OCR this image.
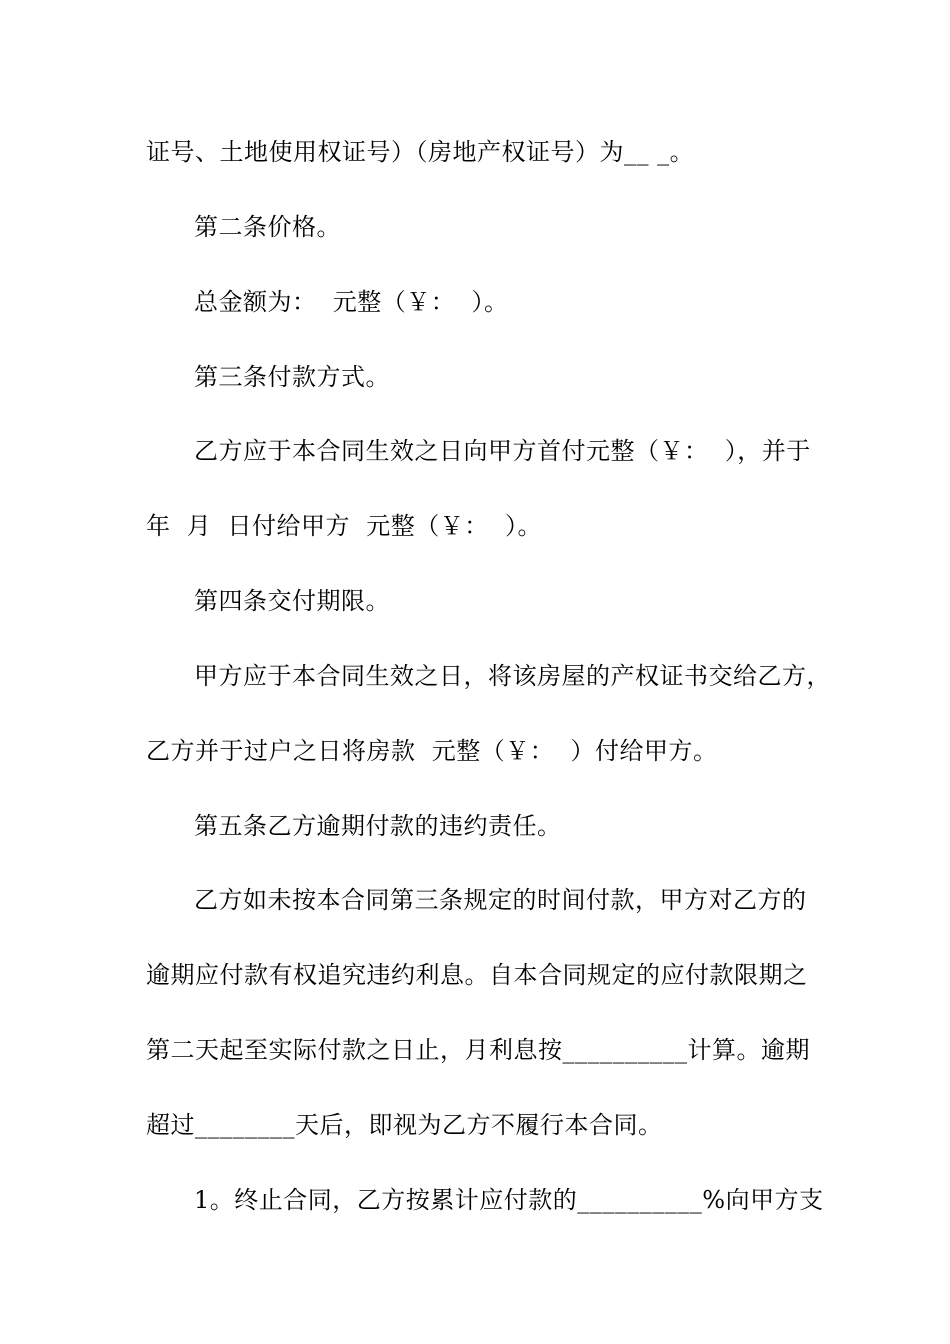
证号、土地使用权证号）（房地产权证号）为__ _。
第二条价格。
总金额为：  元整（￥：  ）。
第三条付款方式。
乙方应于本合同生效之日向甲方首付元整（￥：  ），并于
年  月  日付给甲方  元整（￥：  ）。
第四条交付期限。
甲方应于本合同生效之日，将该房屋的产权证书交给乙方，
乙方并于过户之日将房款  元整（￥：  ）付给甲方。
第五条乙方逾期付款的违约责任。
乙方如未按本合同第三条规定的时间付款，甲方对乙方的
逾期应付款有权追究违约利息。自本合同规定的应付款限期之
第二天起至实际付款之日止，月利息按__________计算。逾期
超过________天后，即视为乙方不履行本合同。
1。终止合同，乙方按累计应付款的__________%向甲方支
